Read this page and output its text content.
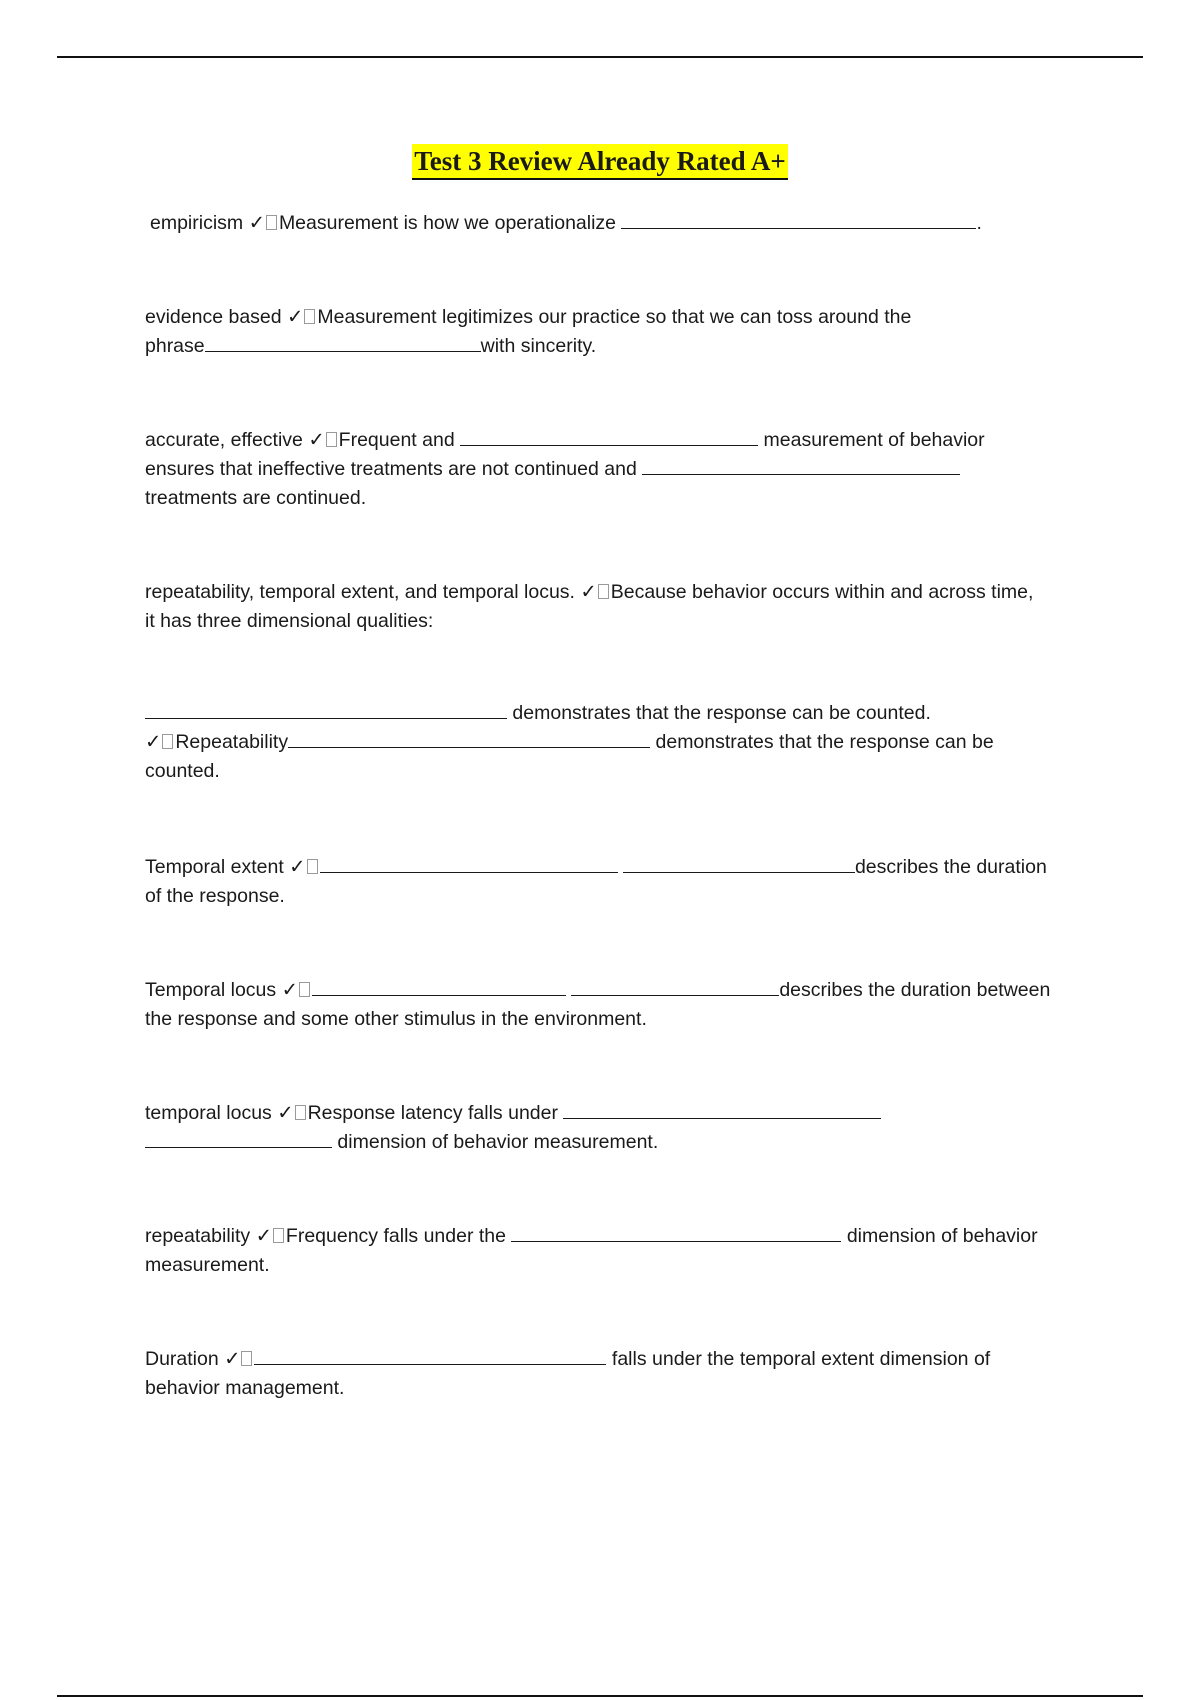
Test 3 Review Already Rated A+

empiricism ✓ Measurement is how we operationalize	.

evidence based ✓ Measurement legitimizes our practice so that we can toss around the

phrase	with sincerity.

accurate, effective ✓ Frequent and	measurement of behavior

ensures that ineffective treatments are not continued and

treatments are continued.

repeatability, temporal extent, and temporal locus. ✓ Because behavior occurs within and across time,

it has three dimensional qualities:

demonstrates that the response can be counted.

✓ Repeatability	demonstrates that the response can be

counted.

Temporal extent ✓	describes the duration

of the response.

Temporal locus ✓	describes the duration between

the response and some other stimulus in the environment.

temporal locus ✓ Response latency falls under

dimension of behavior measurement.

repeatability ✓ Frequency falls under the	dimension of behavior

measurement.

Duration ✓	falls under the temporal extent dimension of

behavior management.
